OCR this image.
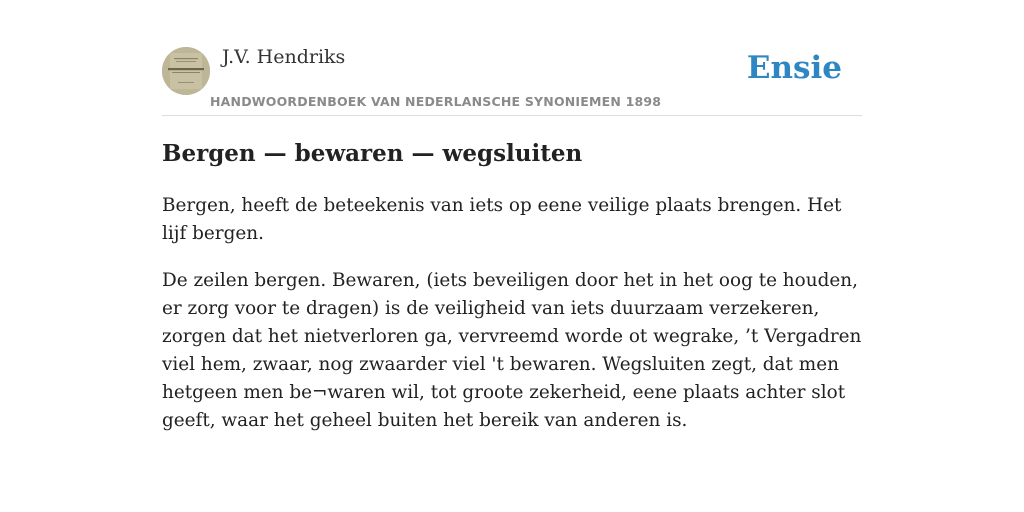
J.V. Hendriks
HANDWOORDENBOEK VAN NEDERLANSCHE SYNONIEMEN 1898
Ensie
Bergen — bewaren — wegsluiten

Bergen, heeft de beteekenis van iets op eene veilige plaats brengen. Het lijf bergen.

De zeilen bergen. Bewaren, (iets beveiligen door het in het oog te houden, er zorg voor te dragen) is de veiligheid van iets duurzaam verzekeren, zorgen dat het nietverloren ga, vervreemd worde ot wegrake, ’t Vergadren viel hem, zwaar, nog zwaarder viel 't bewaren. Wegsluiten zegt, dat men hetgeen men be¬waren wil, tot groote zekerheid, eene plaats achter slot geeft, waar het geheel buiten het bereik van anderen is.
